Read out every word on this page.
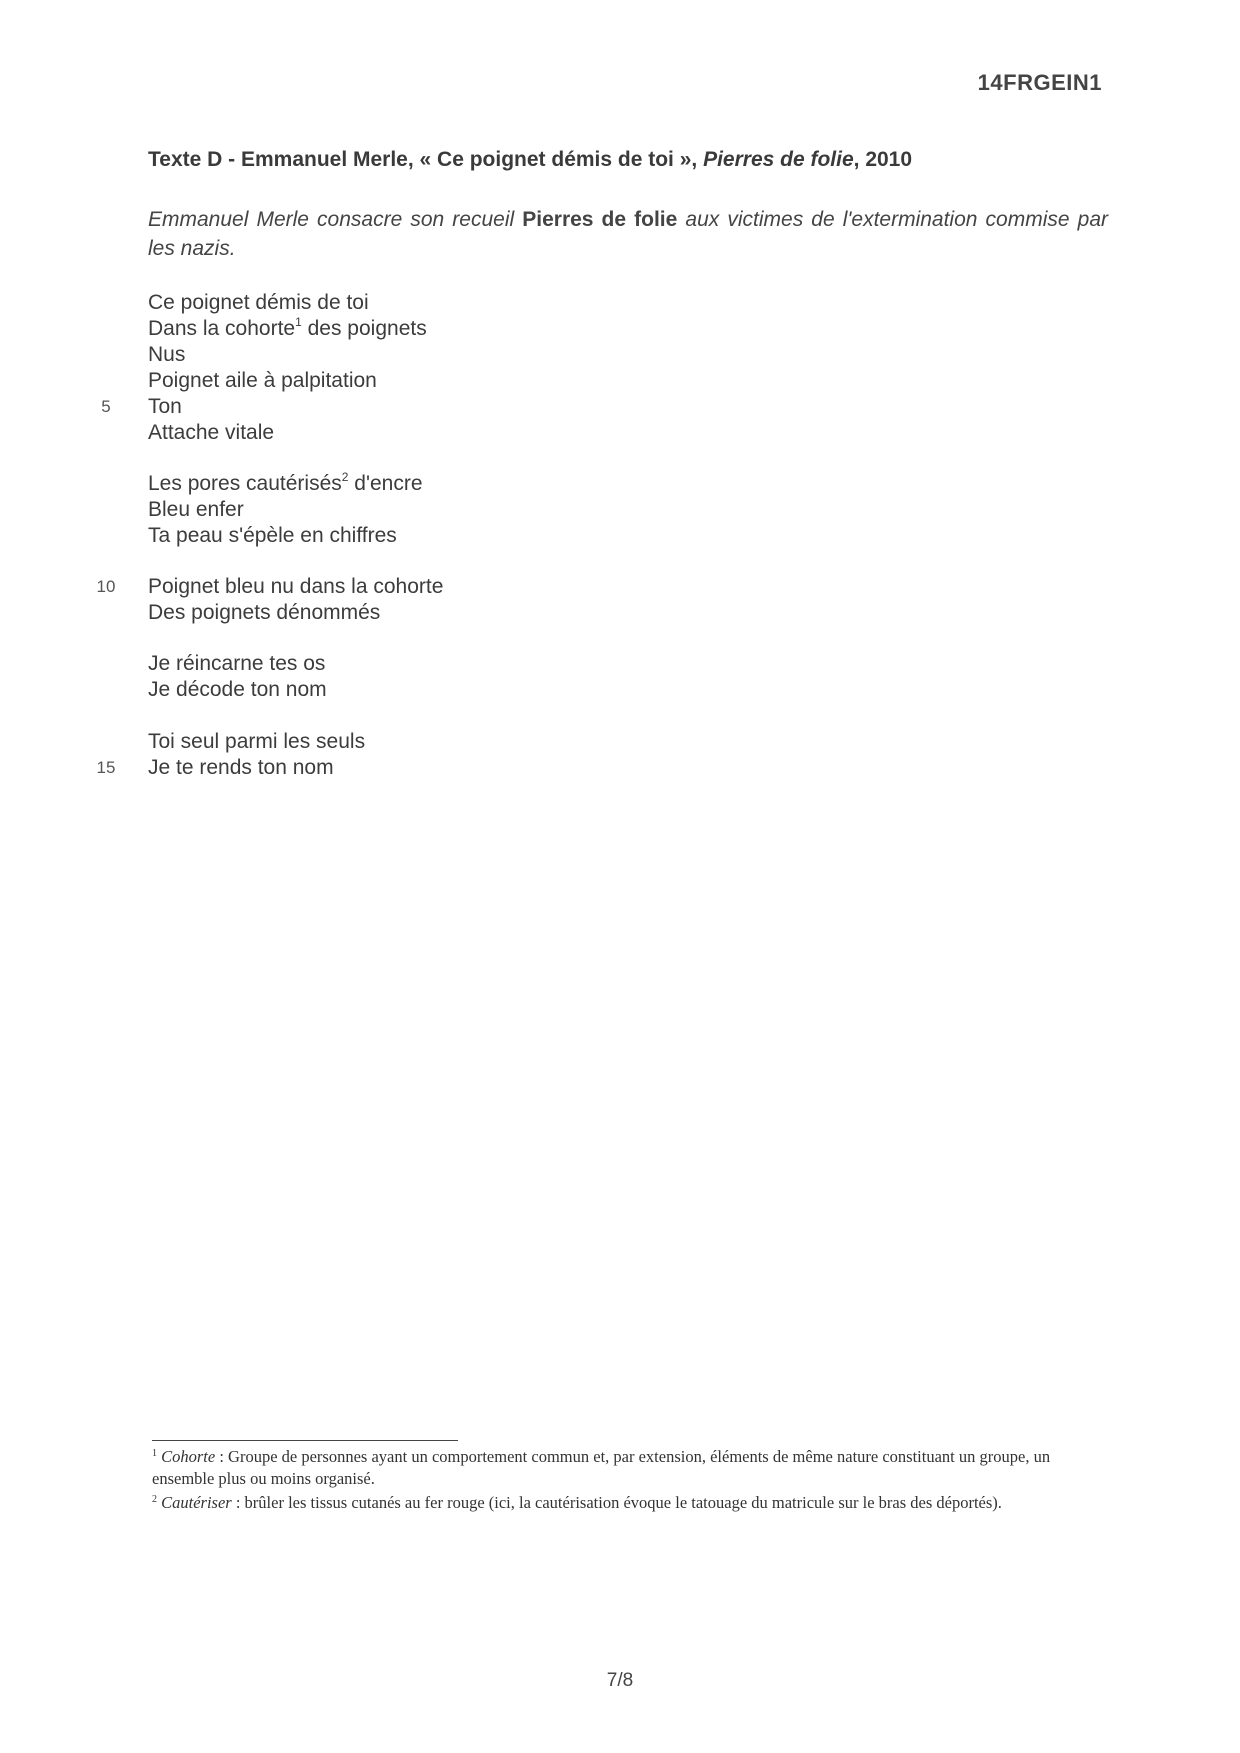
14FRGEIN1
Texte D - Emmanuel Merle, « Ce poignet démis de toi », Pierres de folie, 2010
Emmanuel Merle consacre son recueil Pierres de folie aux victimes de l'extermination commise par les nazis.
Ce poignet démis de toi
Dans la cohorte$^1$ des poignets
Nus
Poignet aile à palpitation
Ton
5
Attache vitale
Les pores cautérisés$^2$ d'encre
Bleu enfer
Ta peau s'épèle en chiffres
Poignet bleu nu dans la cohorte
10
Des poignets dénommés
Je réincarne tes os
Je décode ton nom
Toi seul parmi les seuls
Je te rends ton nom
15

$^1$ Cohorte : Groupe de personnes ayant un comportement commun et, par extension, éléments de même nature constituant un groupe, un ensemble plus ou moins organisé.

$^2$ Cautériser : brûler les tissus cutanés au fer rouge (ici, la cautérisation évoque le tatouage du matricule sur le bras des déportés).

7/8
